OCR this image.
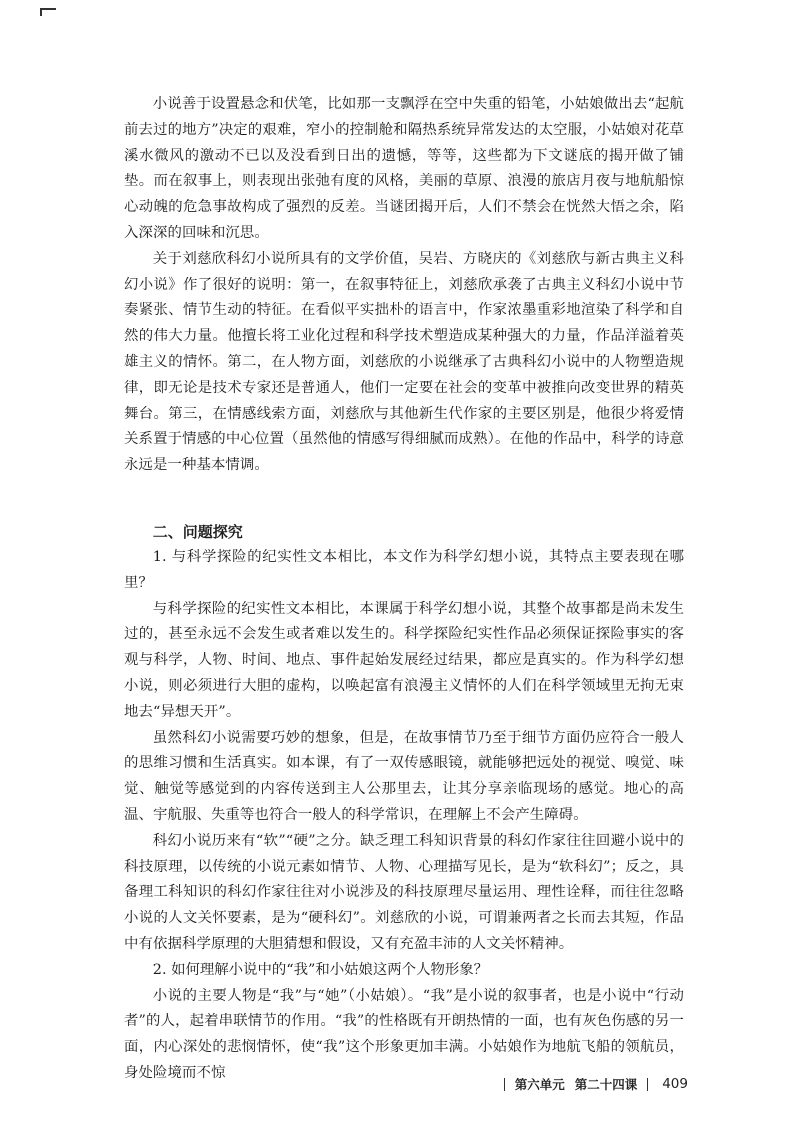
小说善于设置悬念和伏笔，比如那一支飘浮在空中失重的铅笔，小姑娘做出去“起航前去过的地方”决定的艰难，窄小的控制舱和隔热系统异常发达的太空服，小姑娘对花草溪水微风的激动不已以及没看到日出的遗憾，等等，这些都为下文谜底的揭开做了铺垫。而在叙事上，则表现出张弛有度的风格，美丽的草原、浪漫的旅店月夜与地航船惊心动魄的危急事故构成了强烈的反差。当谜团揭开后，人们不禁会在恍然大悟之余，陷入深深的回味和沉思。

关于刘慈欣科幻小说所具有的文学价值，吴岩、方晓庆的《刘慈欣与新古典主义科幻小说》作了很好的说明：第一，在叙事特征上，刘慈欣承袭了古典主义科幻小说中节奏紧张、情节生动的特征。在看似平实拙朴的语言中，作家浓墨重彩地渲染了科学和自然的伟大力量。他擅长将工业化过程和科学技术塑造成某种强大的力量，作品洋溢着英雄主义的情怀。第二，在人物方面，刘慈欣的小说继承了古典科幻小说中的人物塑造规律，即无论是技术专家还是普通人，他们一定要在社会的变革中被推向改变世界的精英舞台。第三，在情感线索方面，刘慈欣与其他新生代作家的主要区别是，他很少将爱情关系置于情感的中心位置（虽然他的情感写得细腻而成熟）。在他的作品中，科学的诗意永远是一种基本情调。

二、问题探究

1. 与科学探险的纪实性文本相比，本文作为科学幻想小说，其特点主要表现在哪里？

与科学探险的纪实性文本相比，本课属于科学幻想小说，其整个故事都是尚未发生过的，甚至永远不会发生或者难以发生的。科学探险纪实性作品必须保证探险事实的客观与科学，人物、时间、地点、事件起始发展经过结果，都应是真实的。作为科学幻想小说，则必须进行大胆的虚构，以唤起富有浪漫主义情怀的人们在科学领域里无拘无束地去“异想天开”。

虽然科幻小说需要巧妙的想象，但是，在故事情节乃至于细节方面仍应符合一般人的思维习惯和生活真实。如本课，有了一双传感眼镜，就能够把远处的视觉、嗅觉、味觉、触觉等感觉到的内容传送到主人公那里去，让其分享亲临现场的感觉。地心的高温、宇航服、失重等也符合一般人的科学常识，在理解上不会产生障碍。

科幻小说历来有“软”“硬”之分。缺乏理工科知识背景的科幻作家往往回避小说中的科技原理，以传统的小说元素如情节、人物、心理描写见长，是为“软科幻”；反之，具备理工科知识的科幻作家往往对小说涉及的科技原理尽量运用、理性诠释，而往往忽略小说的人文关怀要素，是为“硬科幻”。刘慈欣的小说，可谓兼两者之长而去其短，作品中有依据科学原理的大胆猜想和假设，又有充盈丰沛的人文关怀精神。

2. 如何理解小说中的“我”和小姑娘这两个人物形象？

小说的主要人物是“我”与“她”（小姑娘）。“我”是小说的叙事者，也是小说中“行动者”的人，起着串联情节的作用。“我”的性格既有开朗热情的一面，也有灰色伤感的另一面，内心深处的悲悯情怀，使“我”这个形象更加丰满。小姑娘作为地航飞船的领航员，身处险境而不惊

第六单元 第二十四课 409
